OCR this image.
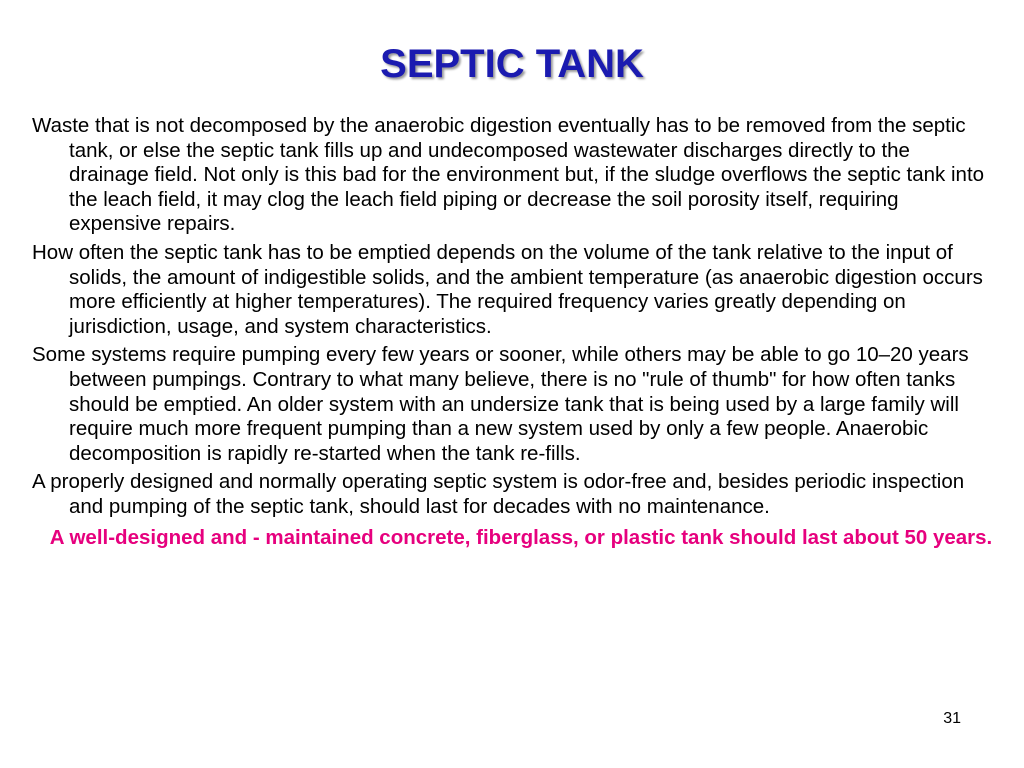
SEPTIC TANK

Waste that is not decomposed by the anaerobic digestion eventually has to be removed from the septic tank, or else the septic tank fills up and undecomposed wastewater discharges directly to the drainage field. Not only is this bad for the environment but, if the sludge overflows the septic tank into the leach field, it may clog the leach field piping or decrease the soil porosity itself, requiring expensive repairs.

How often the septic tank has to be emptied depends on the volume of the tank relative to the input of solids, the amount of indigestible solids, and the ambient temperature (as anaerobic digestion occurs more efficiently at higher temperatures). The required frequency varies greatly depending on jurisdiction, usage, and system characteristics.

Some systems require pumping every few years or sooner, while others may be able to go 10–20 years between pumpings. Contrary to what many believe, there is no "rule of thumb" for how often tanks should be emptied. An older system with an undersize tank that is being used by a large family will require much more frequent pumping than a new system used by only a few people. Anaerobic decomposition is rapidly re-started when the tank re-fills.

A properly designed and normally operating septic system is odor-free and, besides periodic inspection and pumping of the septic tank, should last for decades with no maintenance.

A well-designed and - maintained concrete, fiberglass, or plastic tank should last about 50 years.

31
